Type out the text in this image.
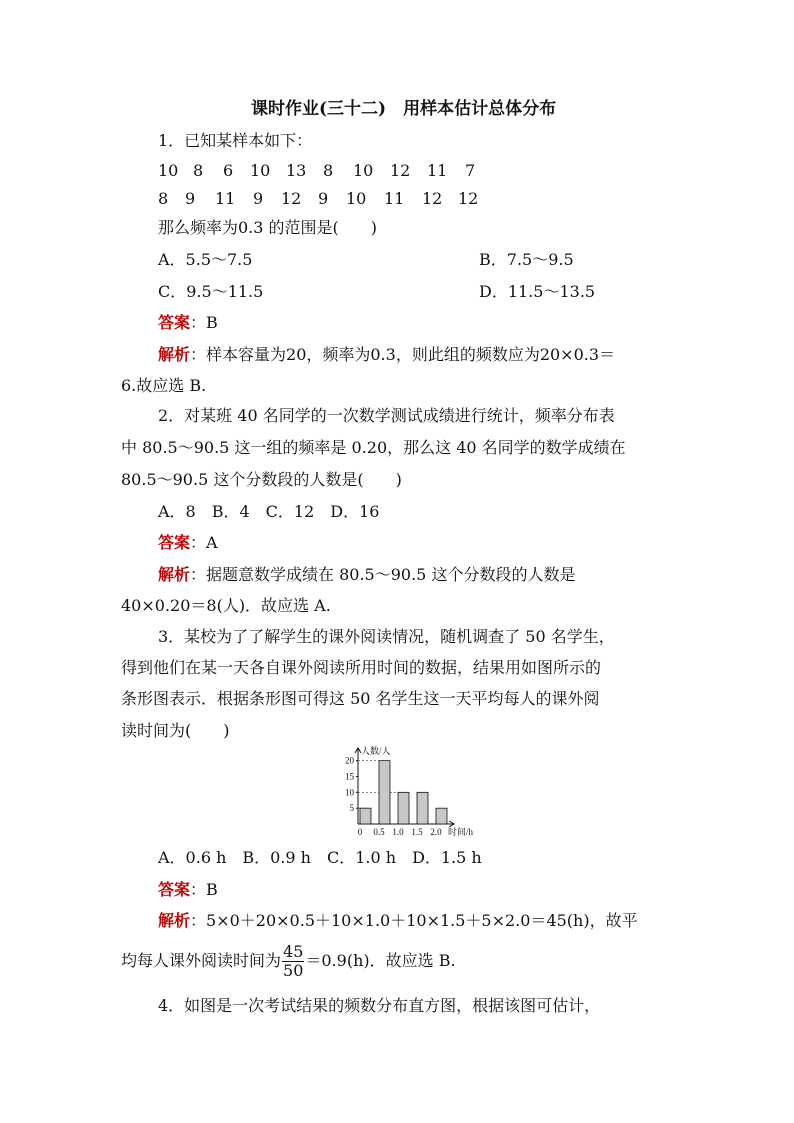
课时作业(三十二)　用样本估计总体分布
1．已知某样本如下：
10 8 6 10 13 8 10 12 11 7
8 9 11 9 12 9 10 11 12 12
那么频率为0.3 的范围是(　　)
A．5.5～7.5	B．7.5～9.5
C．9.5～11.5	D．11.5～13.5
答案：B
解析：样本容量为20，频率为0.3，则此组的频数应为20×0.3＝
6.故应选 B.
2．对某班 40 名同学的一次数学测试成绩进行统计，频率分布表
中 80.5～90.5 这一组的频率是 0.20，那么这 40 名同学的数学成绩在
80.5～90.5 这个分数段的人数是(　　)
A．8　B．4　C．12　D．16
答案：A
解析：据题意数学成绩在 80.5～90.5 这个分数段的人数是
40×0.20＝8(人)．故应选 A.
3．某校为了了解学生的课外阅读情况，随机调查了 50 名学生，
得到他们在某一天各自课外阅读所用时间的数据，结果用如图所示的
条形图表示．根据条形图可得这 50 名学生这一天平均每人的课外阅
读时间为(　　)
5
10
15
20
0 0.5 1.0 1.5 2.0
人数/人
时间/h
A．0.6 h　B．0.9 h　C．1.0 h　D．1.5 h
答案：B
解析：5×0＋20×0.5＋10×1.0＋10×1.5＋5×2.0＝45(h)，故平
均每人课外阅读时间为 $\frac{45}{50} =0.9(h)$．故应选 B.
4．如图是一次考试结果的频数分布直方图，根据该图可估计，
